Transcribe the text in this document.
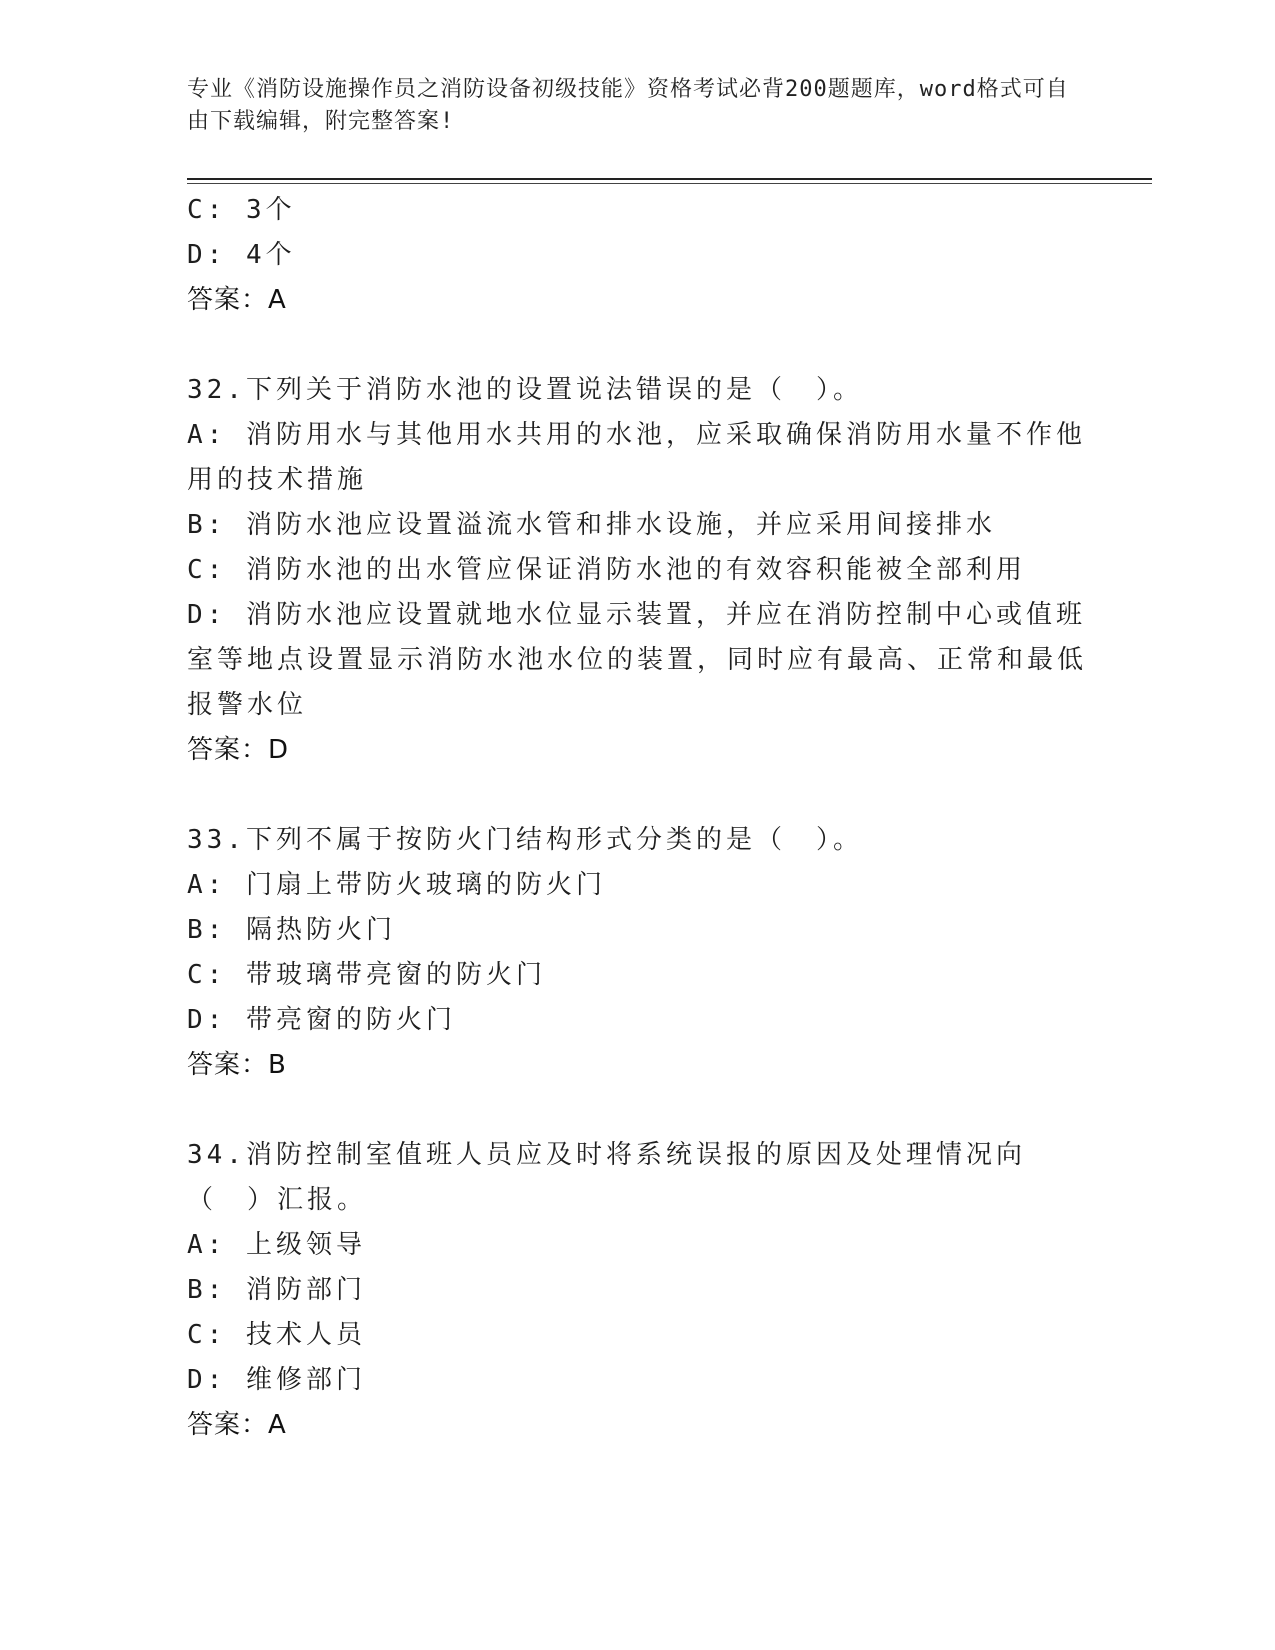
专业《消防设施操作员之消防设备初级技能》资格考试必背200题题库，word格式可自由下载编辑，附完整答案!
C: 3个
D: 4个
答案：A
32.下列关于消防水池的设置说法错误的是（　）。
A: 消防用水与其他用水共用的水池，应采取确保消防用水量不作他用的技术措施
B: 消防水池应设置溢流水管和排水设施，并应采用间接排水
C: 消防水池的出水管应保证消防水池的有效容积能被全部利用
D: 消防水池应设置就地水位显示装置，并应在消防控制中心或值班室等地点设置显示消防水池水位的装置，同时应有最高、正常和最低报警水位
答案：D
33.下列不属于按防火门结构形式分类的是（　）。
A: 门扇上带防火玻璃的防火门
B: 隔热防火门
C: 带玻璃带亮窗的防火门
D: 带亮窗的防火门
答案：B
34.消防控制室值班人员应及时将系统误报的原因及处理情况向（　）汇报。
A: 上级领导
B: 消防部门
C: 技术人员
D: 维修部门
答案：A
